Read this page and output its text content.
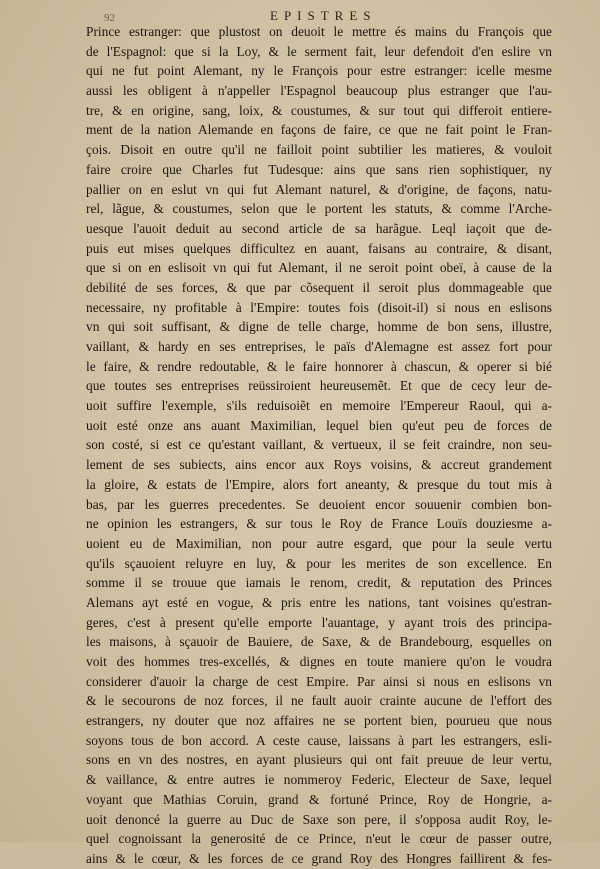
92	EPISTRES
Prince estranger: que plustost on deuoit le mettre és mains du François que
de l'Espagnol: que si la Loy, & le serment fait, leur defendoit d'en eslire vn
qui ne fut point Alemant, ny le François pour estre estranger: icelle mesme
aussi les obligent à n'appeller l'Espagnol beaucoup plus estranger que l'au-
tre, & en origine, sang, loix, & coustumes, & sur tout qui differoit entiere-
ment de la nation Alemande en façons de faire, ce que ne fait point le Fran-
çois. Disoit en outre qu'il ne failloit point subtilier les matieres, & vouloit
faire croire que Charles fut Tudesque: ains que sans rien sophistiquer, ny
pallier on en eslut vn qui fut Alemant naturel, & d'origine, de façons, natu-
rel, lãgue, & coustumes, selon que le portent les statuts, & comme l'Arche-
uesque l'auoit deduit au second article de sa harãgue. Leql iaçoit que de-
puis eut mises quelques difficultez en auant, faisans au contraire, & disant,
que si on en eslisoit vn qui fut Alemant, il ne seroit point obeï, à cause de la
debilité de ses forces, & que par cõsequent il seroit plus dommageable que
necessaire, ny profitable à l'Empire: toutes fois (disoit-il) si nous en eslisons
vn qui soit suffisant, & digne de telle charge, homme de bon sens, illustre,
vaillant, & hardy en ses entreprises, le païs d'Alemagne est assez fort pour
le faire, & rendre redoutable, & le faire honnorer à chascun, & operer si bié
que toutes ses entreprises reüssiroient heureusemẽt. Et que de cecy leur de-
uoit suffire l'exemple, s'ils reduisoiẽt en memoire l'Empereur Raoul, qui a-
uoit esté onze ans auant Maximilian, lequel bien qu'eut peu de forces de
son costé, si est ce qu'estant vaillant, & vertueux, il se feit craindre, non seu-
lement de ses subiects, ains encor aux Roys voisins, & accreut grandement
la gloire, & estats de l'Empire, alors fort aneanty, & presque du tout mis à
bas, par les guerres precedentes. Se deuoient encor souuenir combien bon-
ne opinion les estrangers, & sur tous le Roy de France Louïs douziesme a-
uoient eu de Maximilian, non pour autre esgard, que pour la seule vertu
qu'ils sçauoient reluyre en luy, & pour les merites de son excellence. En
somme il se trouue que iamais le renom, credit, & reputation des Princes
Alemans ayt esté en vogue, & pris entre les nations, tant voisines qu'estran-
geres, c'est à present qu'elle emporte l'auantage, y ayant trois des principa-
les maisons, à sçauoir de Bauiere, de Saxe, & de Brandebourg, esquelles on
voit des hommes tres-excellés, & dignes en toute maniere qu'on le voudra
considerer d'auoir la charge de cest Empire. Par ainsi si nous en eslisons vn
& le secourons de noz forces, il ne fault auoir crainte aucune de l'effort des
estrangers, ny douter que noz affaires ne se portent bien, pourueu que nous
soyons tous de bon accord. A ceste cause, laissans à part les estrangers, esli-
sons en vn des nostres, en ayant plusieurs qui ont fait preuue de leur vertu,
& vaillance, & entre autres ie nommeroy Federic, Electeur de Saxe, lequel
voyant que Mathias Coruin, grand & fortuné Prince, Roy de Hongrie, a-
uoit denoncé la guerre au Duc de Saxe son pere, il s'opposa audit Roy, le-
quel cognoissant la generosité de ce Prince, n'eut le cœur de passer outre,
ains & le cœur, & les forces de ce grand Roy des Hongres faillirent & fes-
